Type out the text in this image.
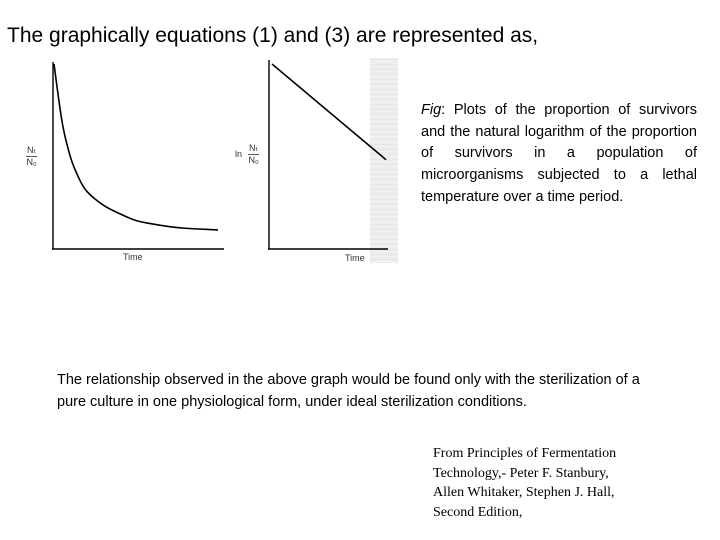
The graphically equations (1) and (3) are represented as,
$\frac{\text{Nₜ}}{\text{N₀}}$
Time
$\ln \frac{\text{Nₜ}}{\text{N₀}}$
Time
Fig: Plots of the proportion of survivors and the natural logarithm of the proportion of survivors in a population of microorganisms subjected to a lethal temperature over a time period.
The relationship observed in the above graph would be found only with the sterilization of a pure culture in one physiological form, under ideal sterilization conditions.
From Principles of Fermentation
Technology,- Peter F. Stanbury,
Allen Whitaker, Stephen J. Hall,
Second Edition,
